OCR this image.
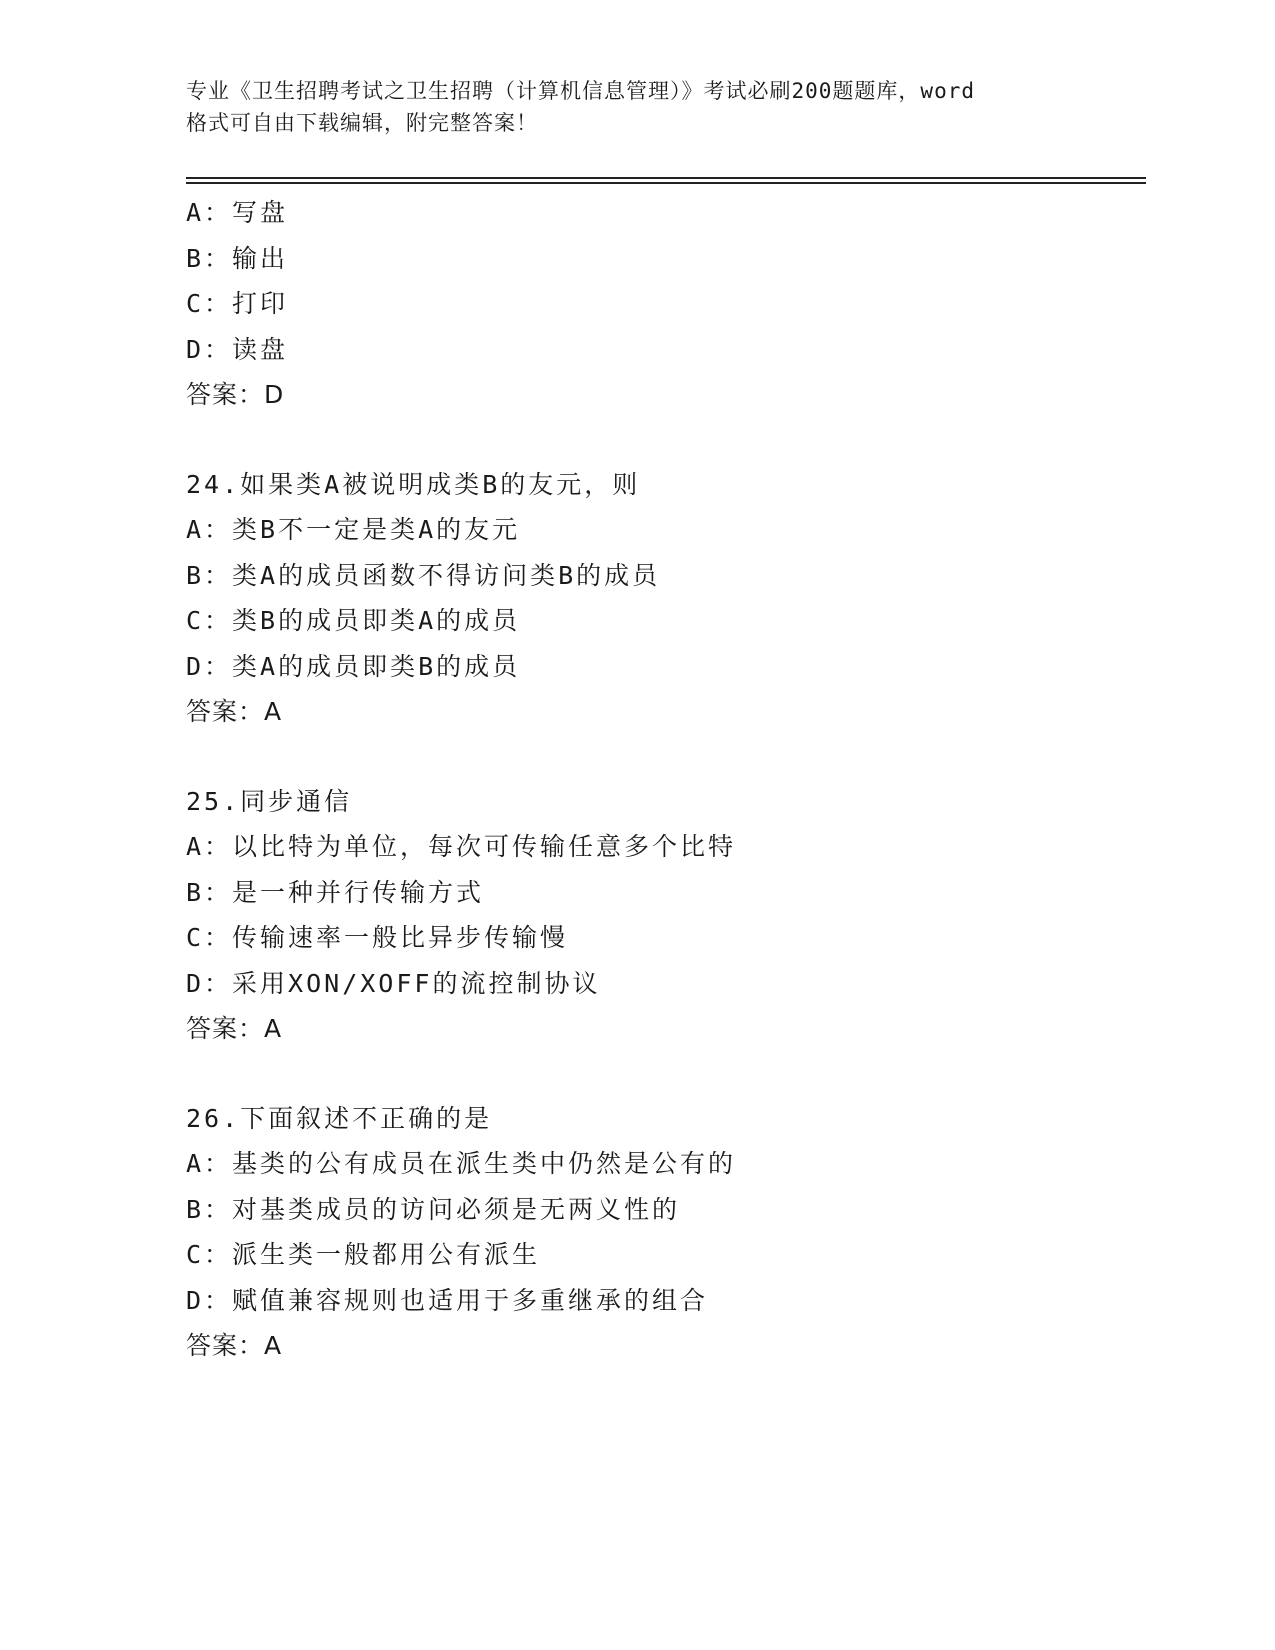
专业《卫生招聘考试之卫生招聘（计算机信息管理）》考试必刷200题题库，word
格式可自由下载编辑，附完整答案！
A：写盘
B：输出
C：打印
D：读盘
答案：D
24.如果类A被说明成类B的友元，则
A：类B不一定是类A的友元
B：类A的成员函数不得访问类B的成员
C：类B的成员即类A的成员
D：类A的成员即类B的成员
答案：A
25.同步通信
A：以比特为单位，每次可传输任意多个比特
B：是一种并行传输方式
C：传输速率一般比异步传输慢
D：采用XON/XOFF的流控制协议
答案：A
26.下面叙述不正确的是
A：基类的公有成员在派生类中仍然是公有的
B：对基类成员的访问必须是无两义性的
C：派生类一般都用公有派生
D：赋值兼容规则也适用于多重继承的组合
答案：A
